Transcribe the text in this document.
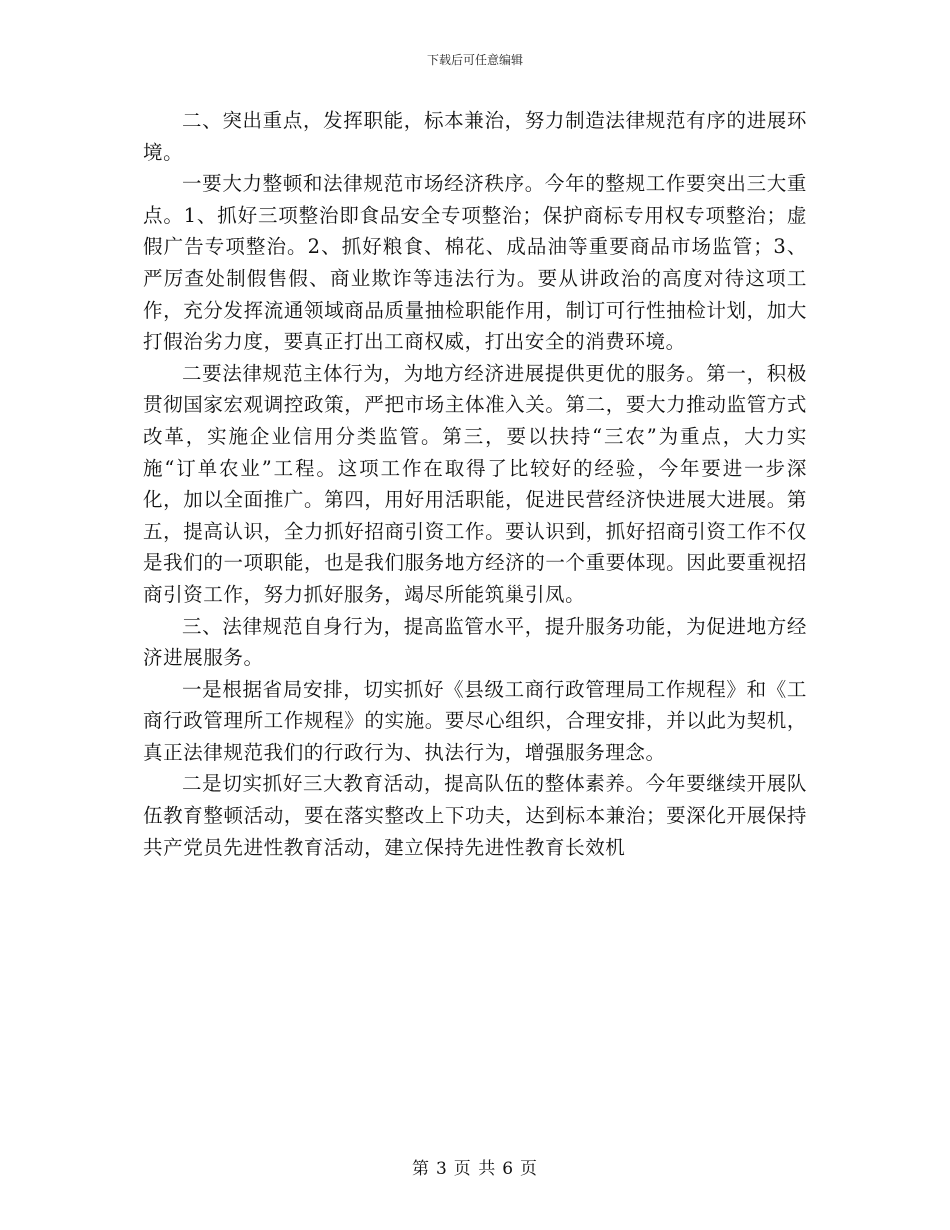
下载后可任意编辑

二、突出重点，发挥职能，标本兼治，努力制造法律规范有序的进展环境。

一要大力整顿和法律规范市场经济秩序。今年的整规工作要突出三大重点。1、抓好三项整治即食品安全专项整治；保护商标专用权专项整治；虚假广告专项整治。2、抓好粮食、棉花、成品油等重要商品市场监管；3、严厉查处制假售假、商业欺诈等违法行为。要从讲政治的高度对待这项工作，充分发挥流通领域商品质量抽检职能作用，制订可行性抽检计划，加大打假治劣力度，要真正打出工商权威，打出安全的消费环境。

二要法律规范主体行为，为地方经济进展提供更优的服务。第一，积极贯彻国家宏观调控政策，严把市场主体准入关。第二，要大力推动监管方式改革，实施企业信用分类监管。第三，要以扶持“三农”为重点，大力实施“订单农业”工程。这项工作在取得了比较好的经验，今年要进一步深化，加以全面推广。第四，用好用活职能，促进民营经济快进展大进展。第五，提高认识，全力抓好招商引资工作。要认识到，抓好招商引资工作不仅是我们的一项职能，也是我们服务地方经济的一个重要体现。因此要重视招商引资工作，努力抓好服务，竭尽所能筑巢引凤。

三、法律规范自身行为，提高监管水平，提升服务功能，为促进地方经济进展服务。

一是根据省局安排，切实抓好《县级工商行政管理局工作规程》和《工商行政管理所工作规程》的实施。要尽心组织，合理安排，并以此为契机，真正法律规范我们的行政行为、执法行为，增强服务理念。

二是切实抓好三大教育活动，提高队伍的整体素养。今年要继续开展队伍教育整顿活动，要在落实整改上下功夫，达到标本兼治；要深化开展保持共产党员先进性教育活动，建立保持先进性教育长效机

第 3 页 共 6 页
